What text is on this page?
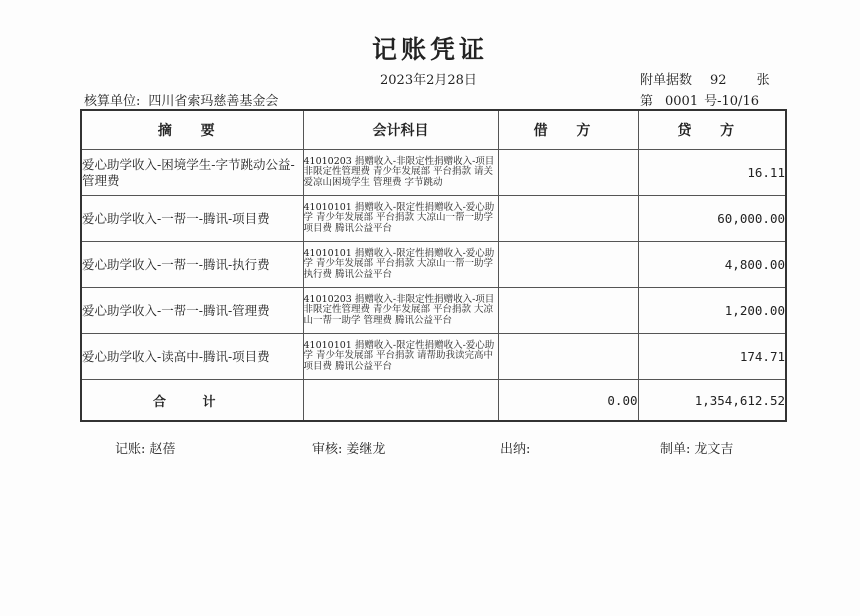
记账凭证
2023年2月28日	附单据数 92 张
核算单位: 四川省索玛慈善基金会	第 0001 号-10/16
摘 要	会计科目	借 方	贷 方
爱心助学收入-困境学生-字节跳动公益-管理费	41010203 捐赠收入-非限定性捐赠收入-项目非限定性管理费 青少年发展部 平台捐款 请关爱凉山困境学生 管理费 字节跳动		16.11
爱心助学收入-一帮一-腾讯-项目费	41010101 捐赠收入-限定性捐赠收入-爱心助学 青少年发展部 平台捐款 大凉山一帮一助学 项目费 腾讯公益平台		60,000.00
爱心助学收入-一帮一-腾讯-执行费	41010101 捐赠收入-限定性捐赠收入-爱心助学 青少年发展部 平台捐款 大凉山一帮一助学 执行费 腾讯公益平台		4,800.00
爱心助学收入-一帮一-腾讯-管理费	41010203 捐赠收入-非限定性捐赠收入-项目非限定性管理费 青少年发展部 平台捐款 大凉山一帮一助学 管理费 腾讯公益平台		1,200.00
爱心助学收入-读高中-腾讯-项目费	41010101 捐赠收入-限定性捐赠收入-爱心助学 青少年发展部 平台捐款 请帮助我读完高中 项目费 腾讯公益平台		174.71
合 计		0.00	1,354,612.52
记账: 赵蓓	审核: 姜继龙	出纳:	制单: 龙文吉
